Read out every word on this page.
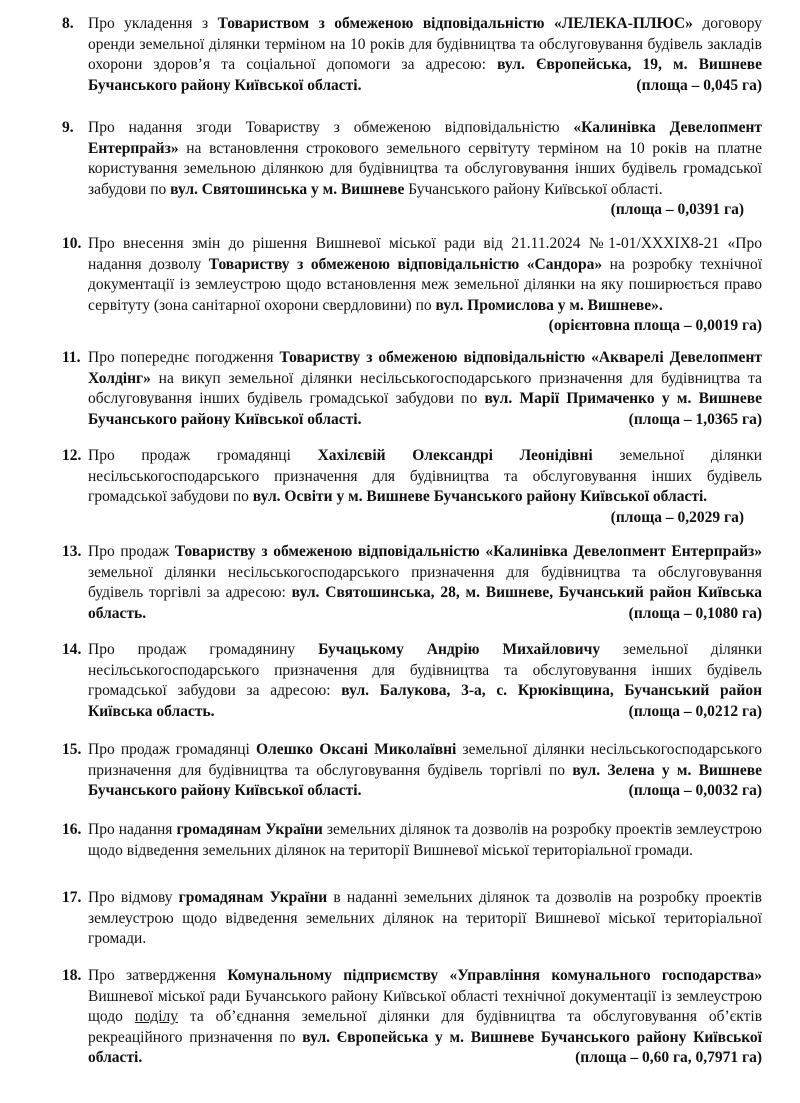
8. Про укладення з Товариством з обмеженою відповідальністю «ЛЕЛЕКА-ПЛЮС» договору оренди земельної ділянки терміном на 10 років для будівництва та обслуговування будівель закладів охорони здоров’я та соціальної допомоги за адресою: вул. Європейська, 19, м. Вишневе Бучанського району Київської області.	(площа – 0,045 га)
9. Про надання згоди Товариству з обмеженою відповідальністю «Калинівка Девелопмент Ентерпрайз» на встановлення строкового земельного сервітуту терміном на 10 років на платне користування земельною ділянкою для будівництва та обслуговування інших будівель громадської забудови по вул. Святошинська у м. Вишневе Бучанського району Київської області.
(площа – 0,0391 га)
10. Про внесення змін до рішення Вишневої міської ради від 21.11.2024 №1-01/XXXIX8-21 «Про надання дозволу Товариству з обмеженою відповідальністю «Сандора» на розробку технічної документації із землеустрою щодо встановлення меж земельної ділянки на яку поширюється право сервітуту (зона санітарної охорони свердловини) по вул. Промислова у м. Вишневе».
(орієнтовна площа – 0,0019 га)
11. Про попереднє погодження Товариству з обмеженою відповідальністю «Акварелі Девелопмент Холдінг» на викуп земельної ділянки несільськогосподарського призначення для будівництва та обслуговування інших будівель громадської забудови по вул. Марії Примаченко у м. Вишневе Бучанського району Київської області.	(площа – 1,0365 га)
12. Про продаж громадянці Хахілєвій Олександрі Леонідівні земельної ділянки несільськогосподарського призначення для будівництва та обслуговування інших будівель громадської забудови по вул. Освіти у м. Вишневе Бучанського району Київської області.
(площа – 0,2029 га)
13. Про продаж Товариству з обмеженою відповідальністю «Калинівка Девелопмент Ентерпрайз» земельної ділянки несільськогосподарського призначення для будівництва та обслуговування будівель торгівлі за адресою: вул. Святошинська, 28, м. Вишневе, Бучанський район Київська область.	(площа – 0,1080 га)
14. Про продаж громадянину Бучацькому Андрію Михайловичу земельної ділянки несільськогосподарського призначення для будівництва та обслуговування інших будівель громадської забудови за адресою: вул. Балукова, 3-а, с. Крюківщина, Бучанський район Київська область.	(площа – 0,0212 га)
15. Про продаж громадянці Олешко Оксані Миколаївні земельної ділянки несільськогосподарського призначення для будівництва та обслуговування будівель торгівлі по вул. Зелена у м. Вишневе Бучанського району Київської області.	(площа – 0,0032 га)
16. Про надання громадянам України земельних ділянок та дозволів на розробку проектів землеустрою щодо відведення земельних ділянок на території Вишневої міської територіальної громади.
17. Про відмову громадянам України в наданні земельних ділянок та дозволів на розробку проектів землеустрою щодо відведення земельних ділянок на території Вишневої міської територіальної громади.
18. Про затвердження Комунальному підприємству «Управління комунального господарства» Вишневої міської ради Бучанського району Київської області технічної документації із землеустрою щодо поділу та об’єднання земельної ділянки для будівництва та обслуговування об’єктів рекреаційного призначення по вул. Європейська у м. Вишневе Бучанського району Київської області.	(площа – 0,60 га, 0,7971 га)
